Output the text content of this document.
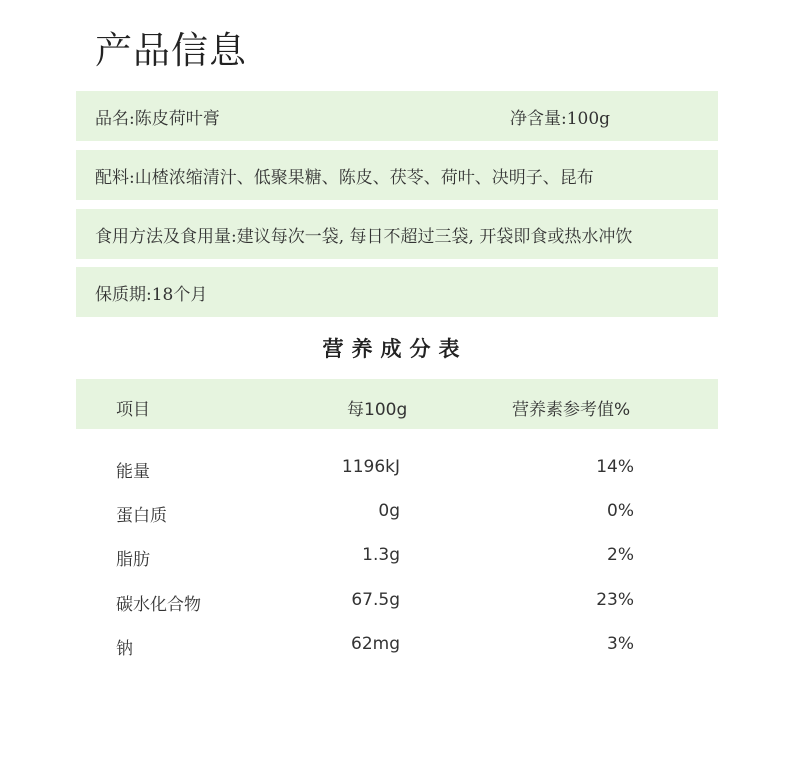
产品信息
品名:陈皮荷叶膏	净含量:100g
配料:山楂浓缩清汁、低聚果糖、陈皮、茯苓、荷叶、决明子、昆布
食用方法及食用量:建议每次一袋, 每日不超过三袋, 开袋即食或热水冲饮
保质期:18个月
营养成分表
项目	每100g	营养素参考值%
能量	1196kJ	14%
蛋白质	0g	0%
脂肪	1.3g	2%
碳水化合物	67.5g	23%
钠	62mg	3%
